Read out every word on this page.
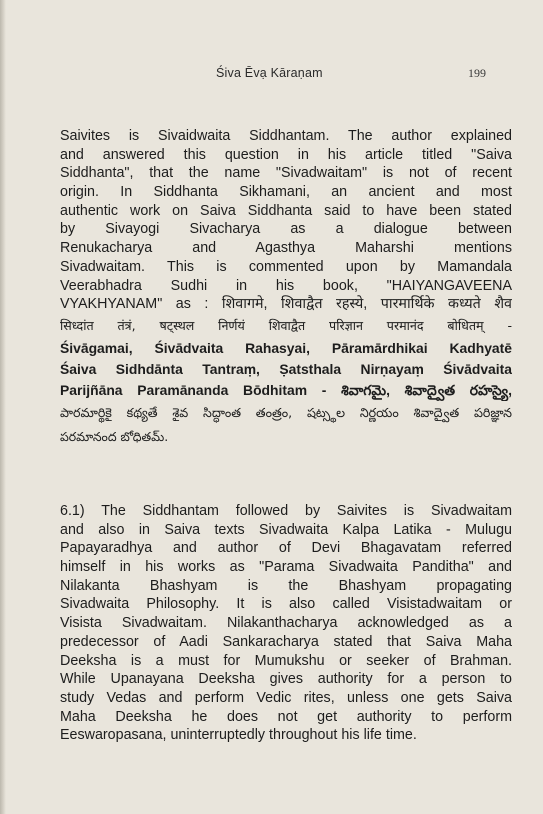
Śiva Ēvạ Kāraṇam	199
Saivites is Sivaidwaita Siddhantam. The author explained
and answered this question in his article titled "Saiva
Siddhanta", that the name "Sivadwaitam" is not of recent
origin. In Siddhanta Sikhamani, an ancient and most
authentic work on Saiva Siddhanta said to have been stated
by Sivayogi Sivacharya as a dialogue between
Renukacharya and Agasthya Maharshi mentions
Sivadwaitam. This is commented upon by Mamandala
Veerabhadra Sudhi in his book, "HAIYANGAVEENA
VYAKHYANAM" as : शिवागमे, शिवाद्वैत रहस्ये, पारमार्थिके कध्यते शैव
सिध्दांत तंत्रं, षट्स्थल निर्णयं शिवाद्वैत परिज्ञान परमानंद बोधितम् -
Śivāgamai, Śivādvaita Rahasyai, Pāramārdhikai Kadhyatē
Śaiva Sidhdānta Tantraṃ, Ṣatsthala Nirṇayaṃ Śivādvaita
Parijñāna Paramānanda Bōdhitam - శివాగమై, శివాద్వైత రహస్యై,
పారమార్థికై కథ్యతే శైవ సిద్ధాంత తంత్రం, షట్స్థల నిర్ణయం శివాద్వైత పరిజ్ఞాన
పరమానంద బోధితమ్.
6.1) The Siddhantam followed by Saivites is Sivadwaitam
and also in Saiva texts Sivadwaita Kalpa Latika - Mulugu
Papayaradhya and author of Devi Bhagavatam referred
himself in his works as "Parama Sivadwaita Panditha" and
Nilakanta Bhashyam is the Bhashyam propagating
Sivadwaita Philosophy. It is also called Visistadwaitam or
Visista Sivadwaitam. Nilakanthacharya acknowledged as a
predecessor of Aadi Sankaracharya stated that Saiva Maha
Deeksha is a must for Mumukshu or seeker of Brahman.
While Upanayana Deeksha gives authority for a person to
study Vedas and perform Vedic rites, unless one gets Saiva
Maha Deeksha he does not get authority to perform
Eeswaropasana, uninterruptedly throughout his life time.
